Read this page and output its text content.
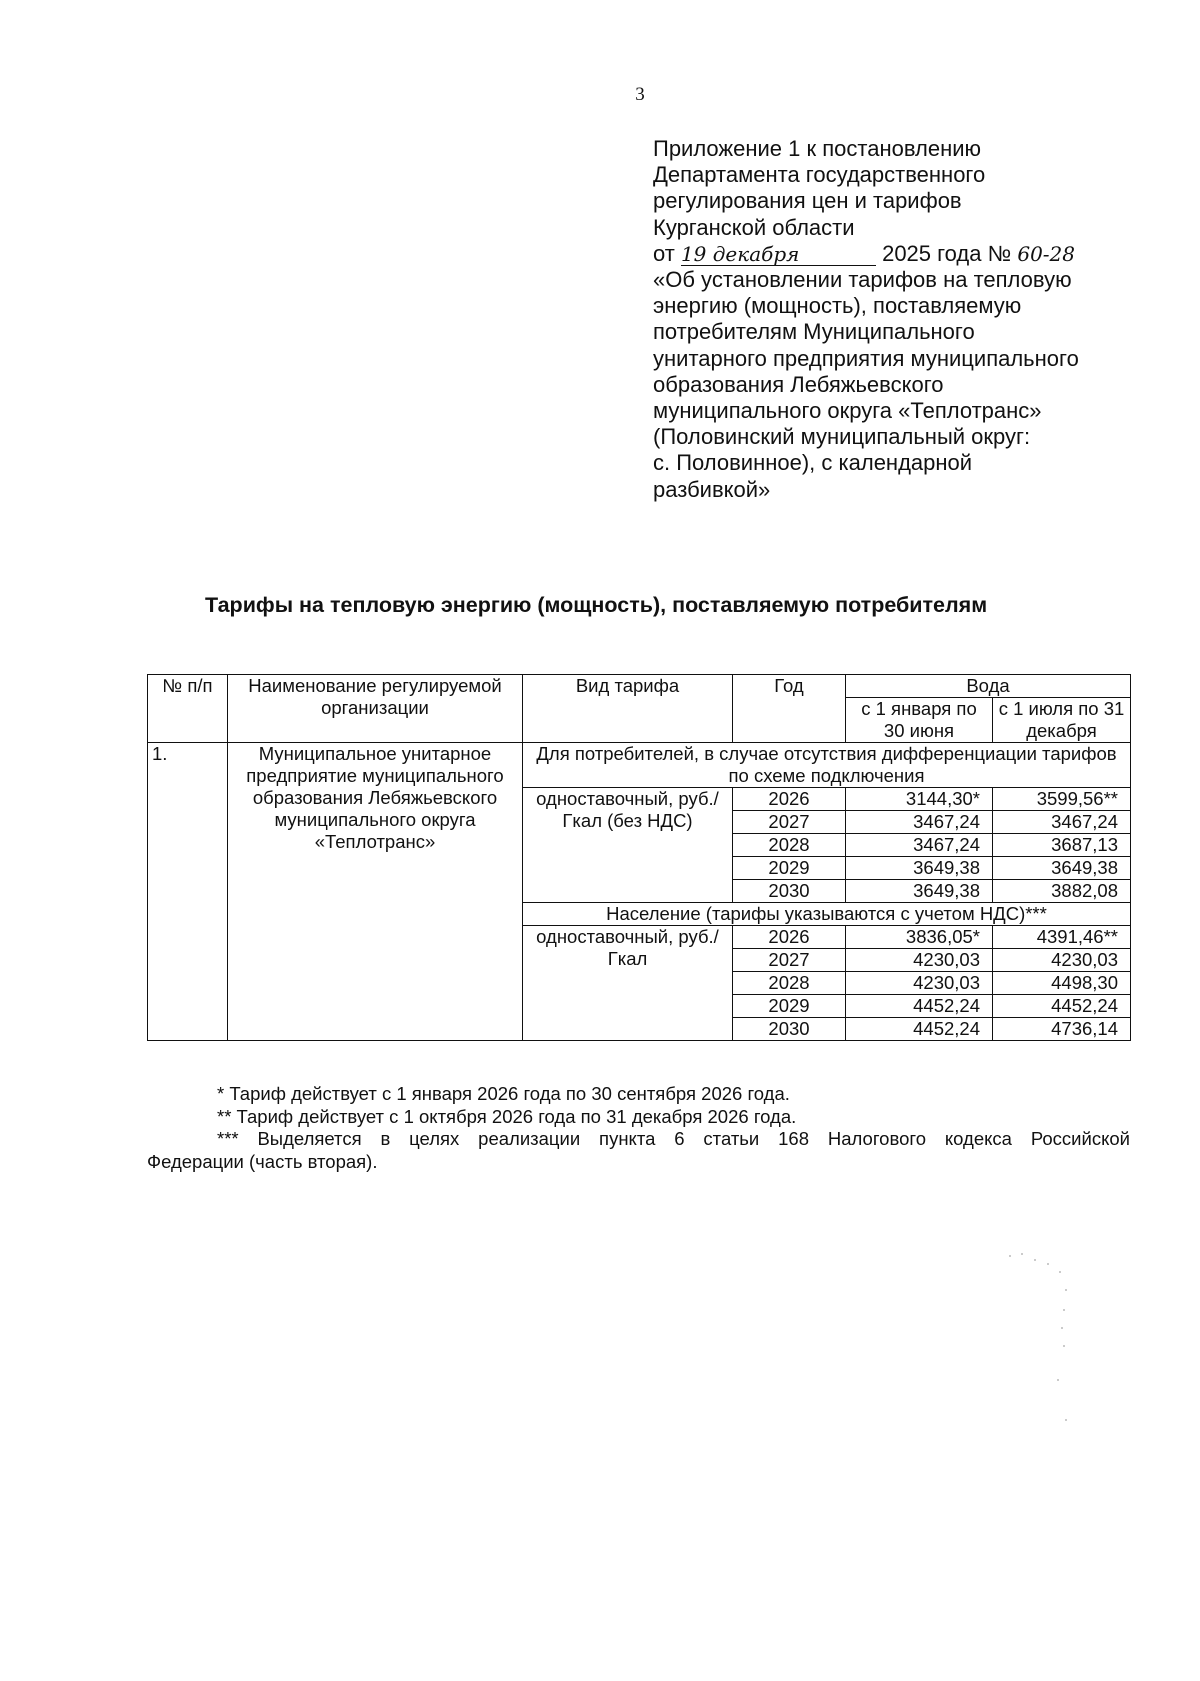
3
Приложение 1 к постановлению
Департамента государственного
регулирования цен и тарифов
Курганской области
от 19 декабря	2025 года № 60-28
«Об установлении тарифов на тепловую
энергию (мощность), поставляемую
потребителям Муниципального
унитарного предприятия муниципального
образования Лебяжьевского
муниципального округа «Теплотранс»
(Половинский муниципальный округ:
с. Половинное), с календарной
разбивкой»
Тарифы на тепловую энергию (мощность), поставляемую потребителям
№ п/п	Наименование регулируемой организации	Вид тарифа	Год	Вода	
				с 1 января по 30 июня	с 1 июля по 31 декабря
1.	Муниципальное унитарное предприятие муниципального образования Лебяжьевского муниципального округа «Теплотранс»	Для потребителей, в случае отсутствия дифференциации тарифов по схеме подключения			
		одноставочный, руб./Гкал (без НДС)	2026	3144,30*	3599,56**
			2027	3467,24	3467,24
			2028	3467,24	3687,13
			2029	3649,38	3649,38
			2030	3649,38	3882,08
		Население (тарифы указываются с учетом НДС)***			
		одноставочный, руб./Гкал	2026	3836,05*	4391,46**
			2027	4230,03	4230,03
			2028	4230,03	4498,30
			2029	4452,24	4452,24
			2030	4452,24	4736,14
* Тариф действует с 1 января 2026 года по 30 сентября 2026 года.
** Тариф действует с 1 октября 2026 года по 31 декабря 2026 года.
*** Выделяется в целях реализации пункта 6 статьи 168 Налогового кодекса Российской
Федерации (часть вторая).
